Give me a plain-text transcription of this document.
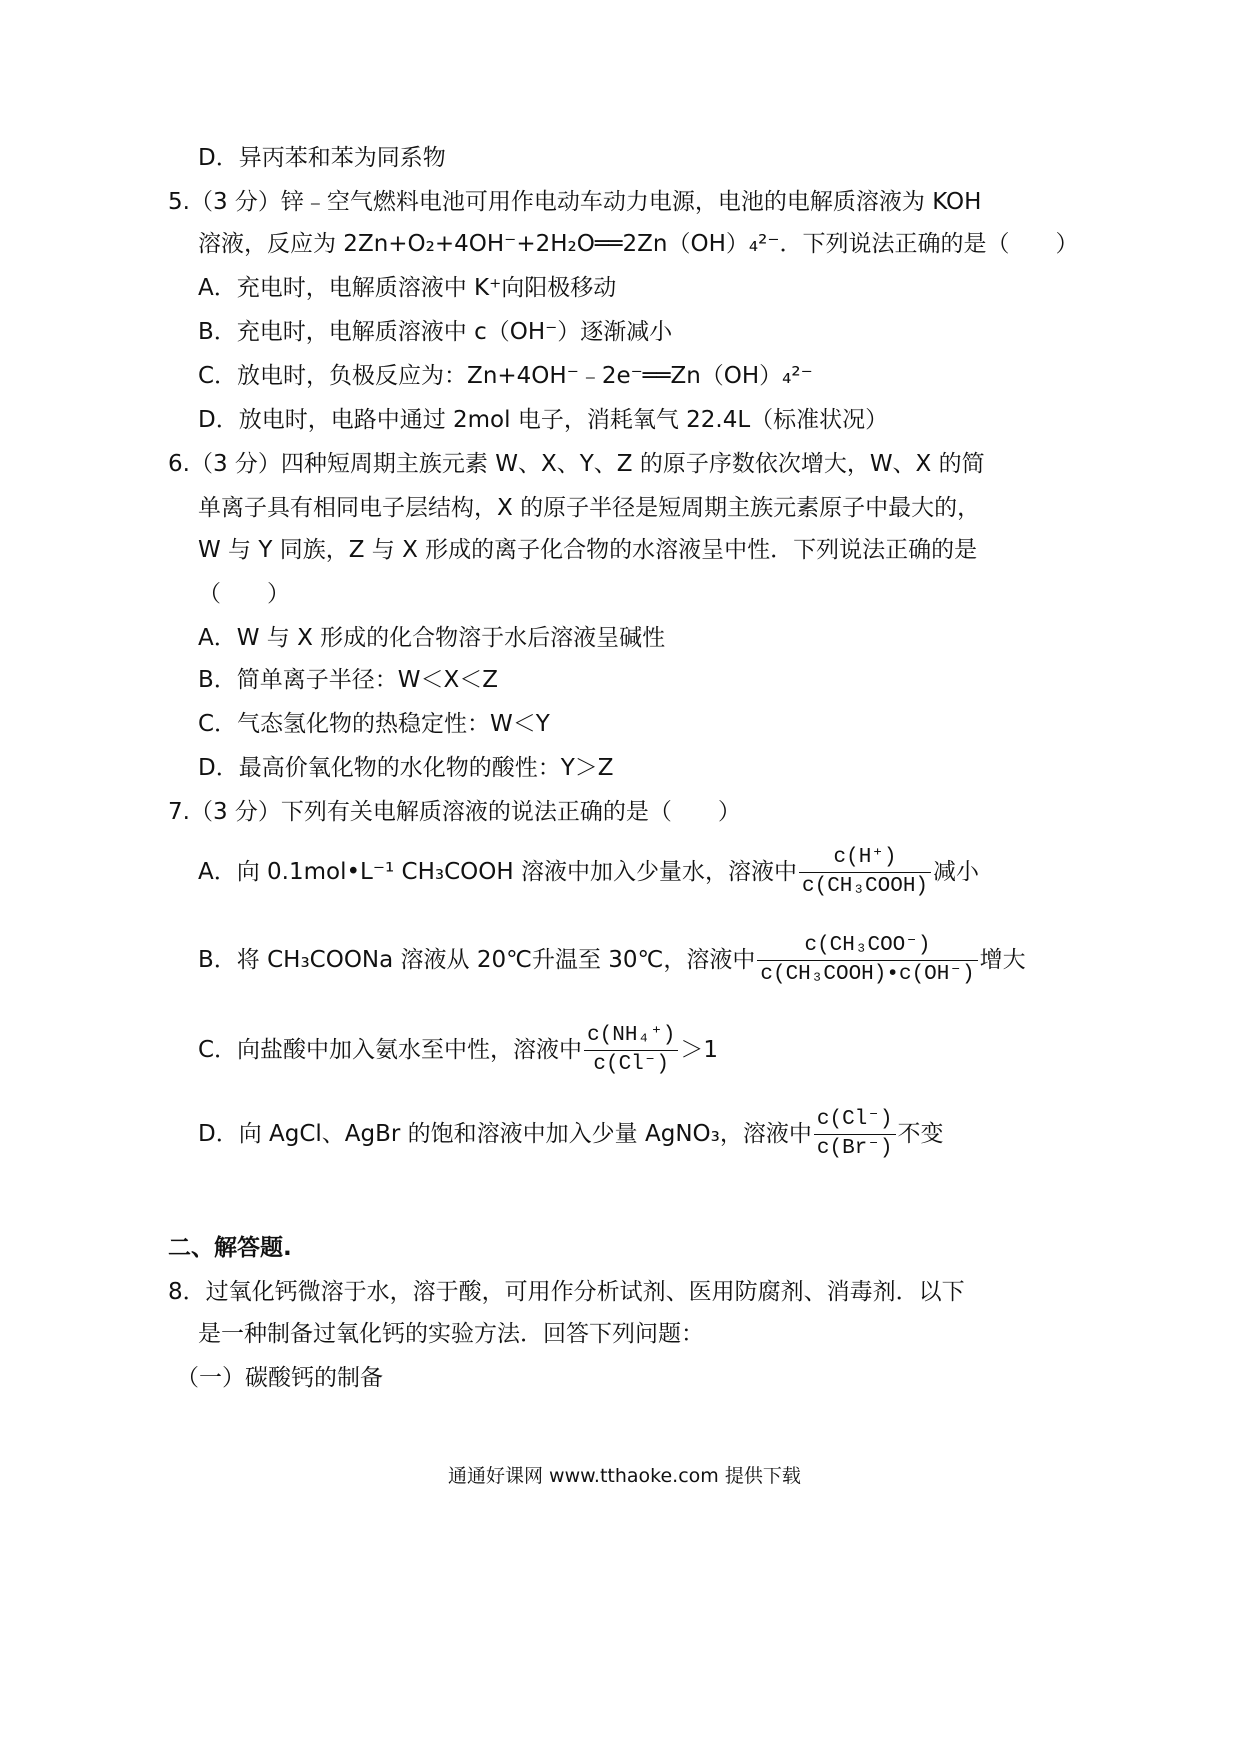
D．异丙苯和苯为同系物
5.（3 分）锌﹣空气燃料电池可用作电动车动力电源，电池的电解质溶液为 KOH
溶液，反应为 2Zn+O₂+4OH⁻+2H₂O══2Zn（OH）₄²⁻．下列说法正确的是（　　）
A．充电时，电解质溶液中 K⁺向阳极移动
B．充电时，电解质溶液中 c（OH⁻）逐渐减小
C．放电时，负极反应为：Zn+4OH⁻﹣2e⁻══Zn（OH）₄²⁻
D．放电时，电路中通过 2mol 电子，消耗氧气 22.4L（标准状况）
6.（3 分）四种短周期主族元素 W、X、Y、Z 的原子序数依次增大，W、X 的简
单离子具有相同电子层结构，X 的原子半径是短周期主族元素原子中最大的，
W 与 Y 同族，Z 与 X 形成的离子化合物的水溶液呈中性．下列说法正确的是
（　　）
A．W 与 X 形成的化合物溶于水后溶液呈碱性
B．简单离子半径：W＜X＜Z
C．气态氢化物的热稳定性：W＜Y
D．最高价氧化物的水化物的酸性：Y＞Z
7.（3 分）下列有关电解质溶液的说法正确的是（　　）
A．向 0.1mol•L⁻¹ CH₃COOH 溶液中加入少量水，溶液中 $\frac{c(H^+)}{\text{c(CH₃COOH)}}$ 减小
B．将 CH₃COONa 溶液从 20℃升温至 30℃，溶液中 $\frac{\text{c(CH₃COO⁻)}}{\text{c(CH₃COOH)•c(OH⁻)}}$ 增大
C．向盐酸中加入氨水至中性，溶液中 $\frac{\text{c(NH₄⁺)}}{c(Cl^-)} >1$
D．向 AgCl、AgBr 的饱和溶液中加入少量 AgNO₃，溶液中 $\frac{c(Cl^-)}{c(Br^-)}$ 不变
二、解答题.
8．过氧化钙微溶于水，溶于酸，可用作分析试剂、医用防腐剂、消毒剂．以下
是一种制备过氧化钙的实验方法．回答下列问题：
（一）碳酸钙的制备
通通好课网 www.tthaoke.com 提供下载
